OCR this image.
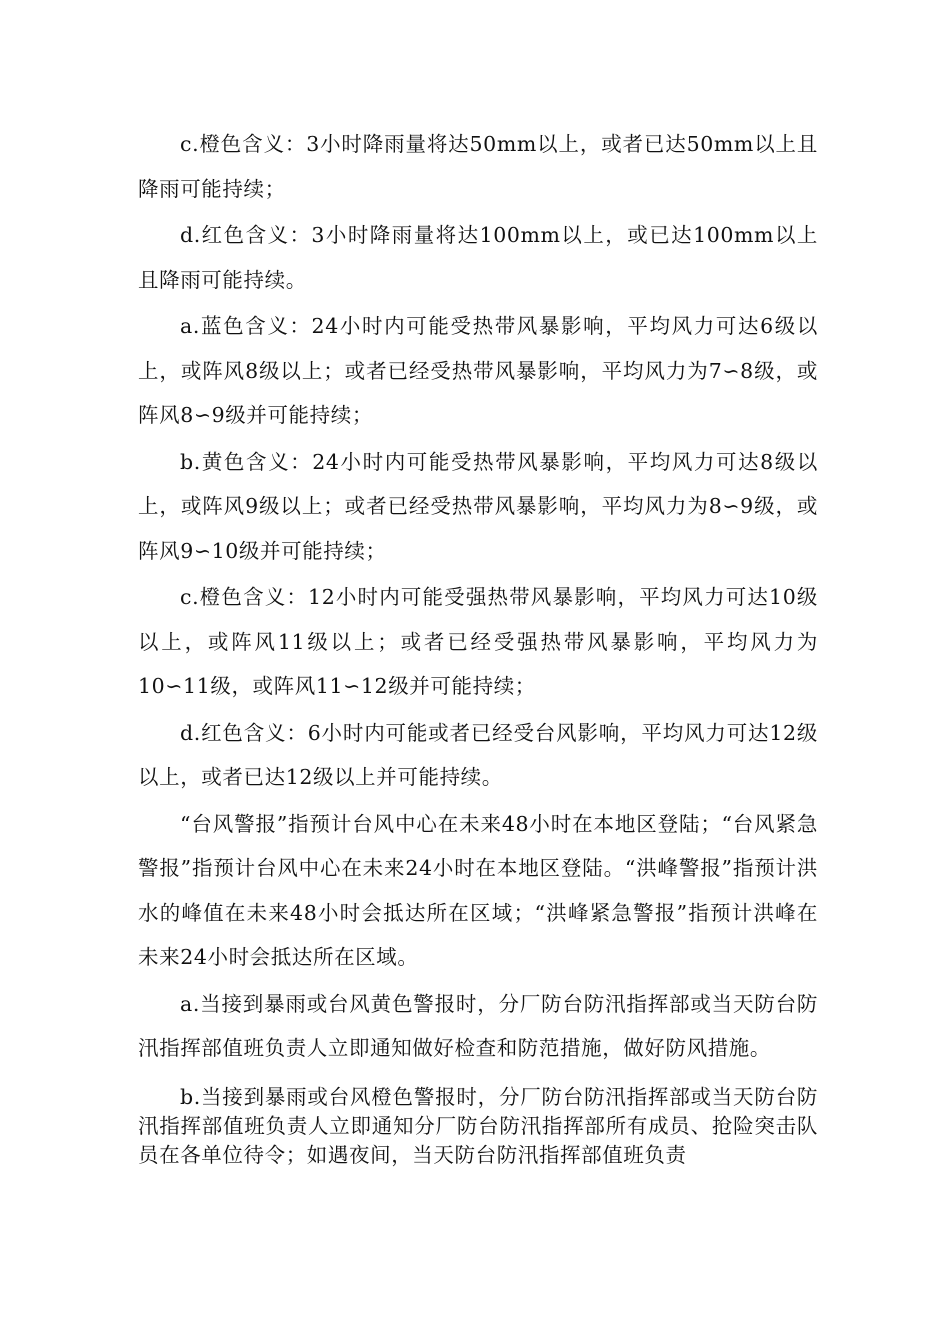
c.橙色含义：3小时降雨量将达50mm以上，或者已达50mm以上且降雨可能持续；

d.红色含义：3小时降雨量将达100mm以上，或已达100mm以上且降雨可能持续。

a.蓝色含义：24小时内可能受热带风暴影响，平均风力可达6级以上，或阵风8级以上；或者已经受热带风暴影响，平均风力为7∽8级，或阵风8∽9级并可能持续；

b.黄色含义：24小时内可能受热带风暴影响，平均风力可达8级以上，或阵风9级以上；或者已经受热带风暴影响，平均风力为8∽9级，或阵风9∽10级并可能持续；

c.橙色含义：12小时内可能受强热带风暴影响，平均风力可达10级以上，或阵风11级以上；或者已经受强热带风暴影响，平均风力为10∽11级，或阵风11∽12级并可能持续；

d.红色含义：6小时内可能或者已经受台风影响，平均风力可达12级以上，或者已达12级以上并可能持续。

“台风警报”指预计台风中心在未来48小时在本地区登陆；“台风紧急警报”指预计台风中心在未来24小时在本地区登陆。“洪峰警报”指预计洪水的峰值在未来48小时会抵达所在区域；“洪峰紧急警报”指预计洪峰在未来24小时会抵达所在区域。

a.当接到暴雨或台风黄色警报时，分厂防台防汛指挥部或当天防台防汛指挥部值班负责人立即通知做好检查和防范措施，做好防风措施。

b.当接到暴雨或台风橙色警报时，分厂防台防汛指挥部或当天防台防汛指挥部值班负责人立即通知分厂防台防汛指挥部所有成员、抢险突击队员在各单位待令；如遇夜间，当天防台防汛指挥部值班负责
